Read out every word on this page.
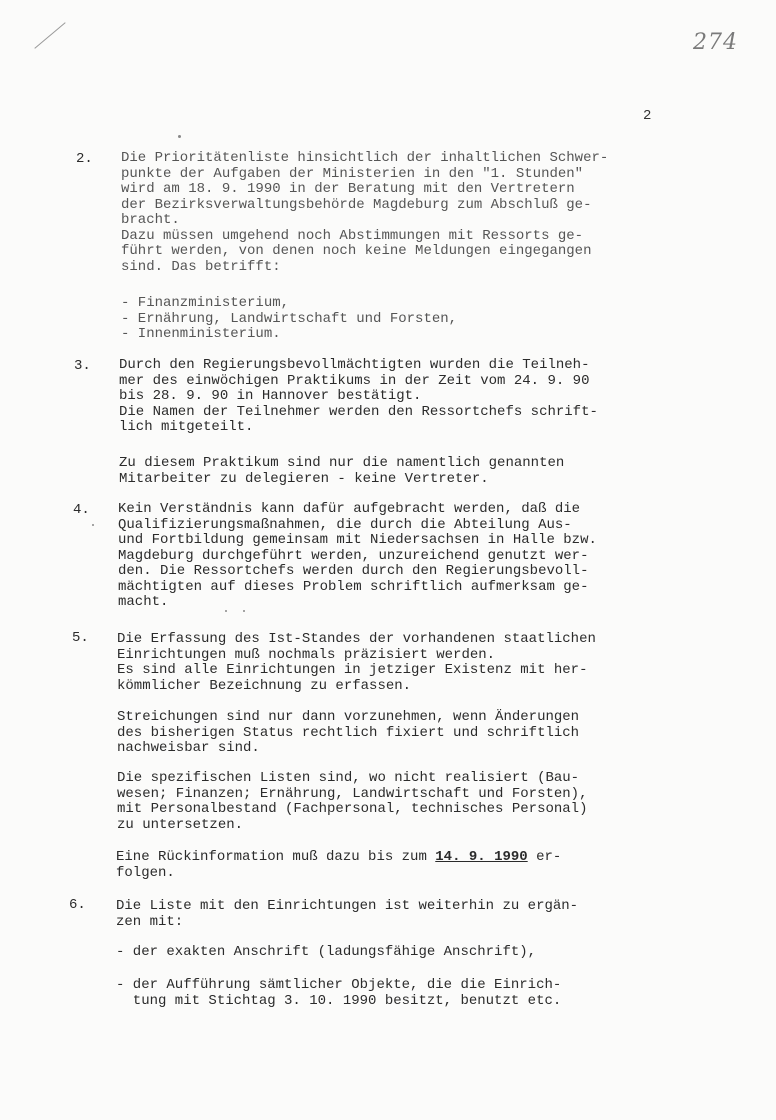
274
2
2. Die Prioritätenliste hinsichtlich der inhaltlichen Schwer-
punkte der Aufgaben der Ministerien in den "1. Stunden"
wird am 18. 9. 1990 in der Beratung mit den Vertretern
der Bezirksverwaltungsbehörde Magdeburg zum Abschluß ge-
bracht.
Dazu müssen umgehend noch Abstimmungen mit Ressorts ge-
führt werden, von denen noch keine Meldungen eingegangen
sind. Das betrifft:
- Finanzministerium,
- Ernährung, Landwirtschaft und Forsten,
- Innenministerium.
3. Durch den Regierungsbevollmächtigten wurden die Teilneh-
mer des einwöchigen Praktikums in der Zeit vom 24. 9. 90
bis 28. 9. 90 in Hannover bestätigt.
Die Namen der Teilnehmer werden den Ressortchefs schrift-
lich mitgeteilt.
Zu diesem Praktikum sind nur die namentlich genannten
Mitarbeiter zu delegieren - keine Vertreter.
4. Kein Verständnis kann dafür aufgebracht werden, daß die
Qualifizierungsmaßnahmen, die durch die Abteilung Aus-
und Fortbildung gemeinsam mit Niedersachsen in Halle bzw.
Magdeburg durchgeführt werden, unzureichend genutzt wer-
den. Die Ressortchefs werden durch den Regierungsbevoll-
mächtigten auf dieses Problem schriftlich aufmerksam ge-
macht.
5. Die Erfassung des Ist-Standes der vorhandenen staatlichen
Einrichtungen muß nochmals präzisiert werden.
Es sind alle Einrichtungen in jetziger Existenz mit her-
kömmlicher Bezeichnung zu erfassen.
Streichungen sind nur dann vorzunehmen, wenn Änderungen
des bisherigen Status rechtlich fixiert und schriftlich
nachweisbar sind.
Die spezifischen Listen sind, wo nicht realisiert (Bau-
wesen; Finanzen; Ernährung, Landwirtschaft und Forsten),
mit Personalbestand (Fachpersonal, technisches Personal)
zu untersetzen.
Eine Rückinformation muß dazu bis zum 14. 9. 1990 er-
folgen.
6. Die Liste mit den Einrichtungen ist weiterhin zu ergän-
zen mit:
- der exakten Anschrift (ladungsfähige Anschrift),
- der Aufführung sämtlicher Objekte, die die Einrich-
tung mit Stichtag 3. 10. 1990 besitzt, benutzt etc.
